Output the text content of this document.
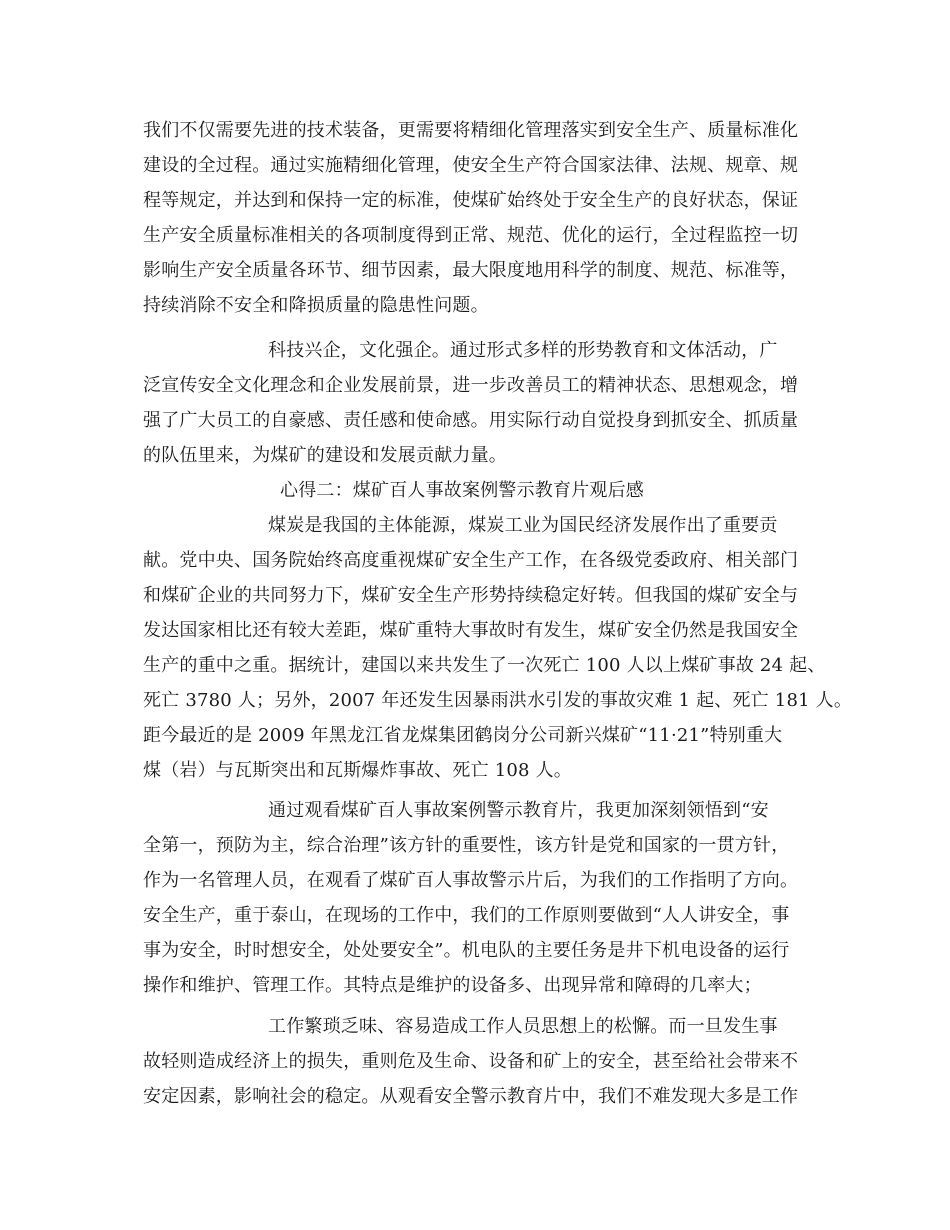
我们不仅需要先进的技术装备，更需要将精细化管理落实到安全生产、质量标准化
建设的全过程。通过实施精细化管理，使安全生产符合国家法律、法规、规章、规
程等规定，并达到和保持一定的标准，使煤矿始终处于安全生产的良好状态，保证
生产安全质量标准相关的各项制度得到正常、规范、优化的运行，全过程监控一切
影响生产安全质量各环节、细节因素，最大限度地用科学的制度、规范、标准等，
持续消除不安全和降损质量的隐患性问题。
科技兴企，文化强企。通过形式多样的形势教育和文体活动，广
泛宣传安全文化理念和企业发展前景，进一步改善员工的精神状态、思想观念，增
强了广大员工的自豪感、责任感和使命感。用实际行动自觉投身到抓安全、抓质量
的队伍里来，为煤矿的建设和发展贡献力量。
心得二：煤矿百人事故案例警示教育片观后感
煤炭是我国的主体能源，煤炭工业为国民经济发展作出了重要贡
献。党中央、国务院始终高度重视煤矿安全生产工作，在各级党委政府、相关部门
和煤矿企业的共同努力下，煤矿安全生产形势持续稳定好转。但我国的煤矿安全与
发达国家相比还有较大差距，煤矿重特大事故时有发生，煤矿安全仍然是我国安全
生产的重中之重。据统计，建国以来共发生了一次死亡 100 人以上煤矿事故 24 起、
死亡 3780 人；另外，2007 年还发生因暴雨洪水引发的事故灾难 1 起、死亡 181 人。
距今最近的是 2009 年黑龙江省龙煤集团鹤岗分公司新兴煤矿“11·21”特别重大
煤（岩）与瓦斯突出和瓦斯爆炸事故、死亡 108 人。
通过观看煤矿百人事故案例警示教育片，我更加深刻领悟到“安
全第一，预防为主，综合治理”该方针的重要性，该方针是党和国家的一贯方针，
作为一名管理人员，在观看了煤矿百人事故警示片后，为我们的工作指明了方向。
安全生产，重于泰山，在现场的工作中，我们的工作原则要做到“人人讲安全，事
事为安全，时时想安全，处处要安全”。机电队的主要任务是井下机电设备的运行
操作和维护、管理工作。其特点是维护的设备多、出现异常和障碍的几率大；
工作繁琐乏味、容易造成工作人员思想上的松懈。而一旦发生事
故轻则造成经济上的损失，重则危及生命、设备和矿上的安全，甚至给社会带来不
安定因素，影响社会的稳定。从观看安全警示教育片中，我们不难发现大多是工作
